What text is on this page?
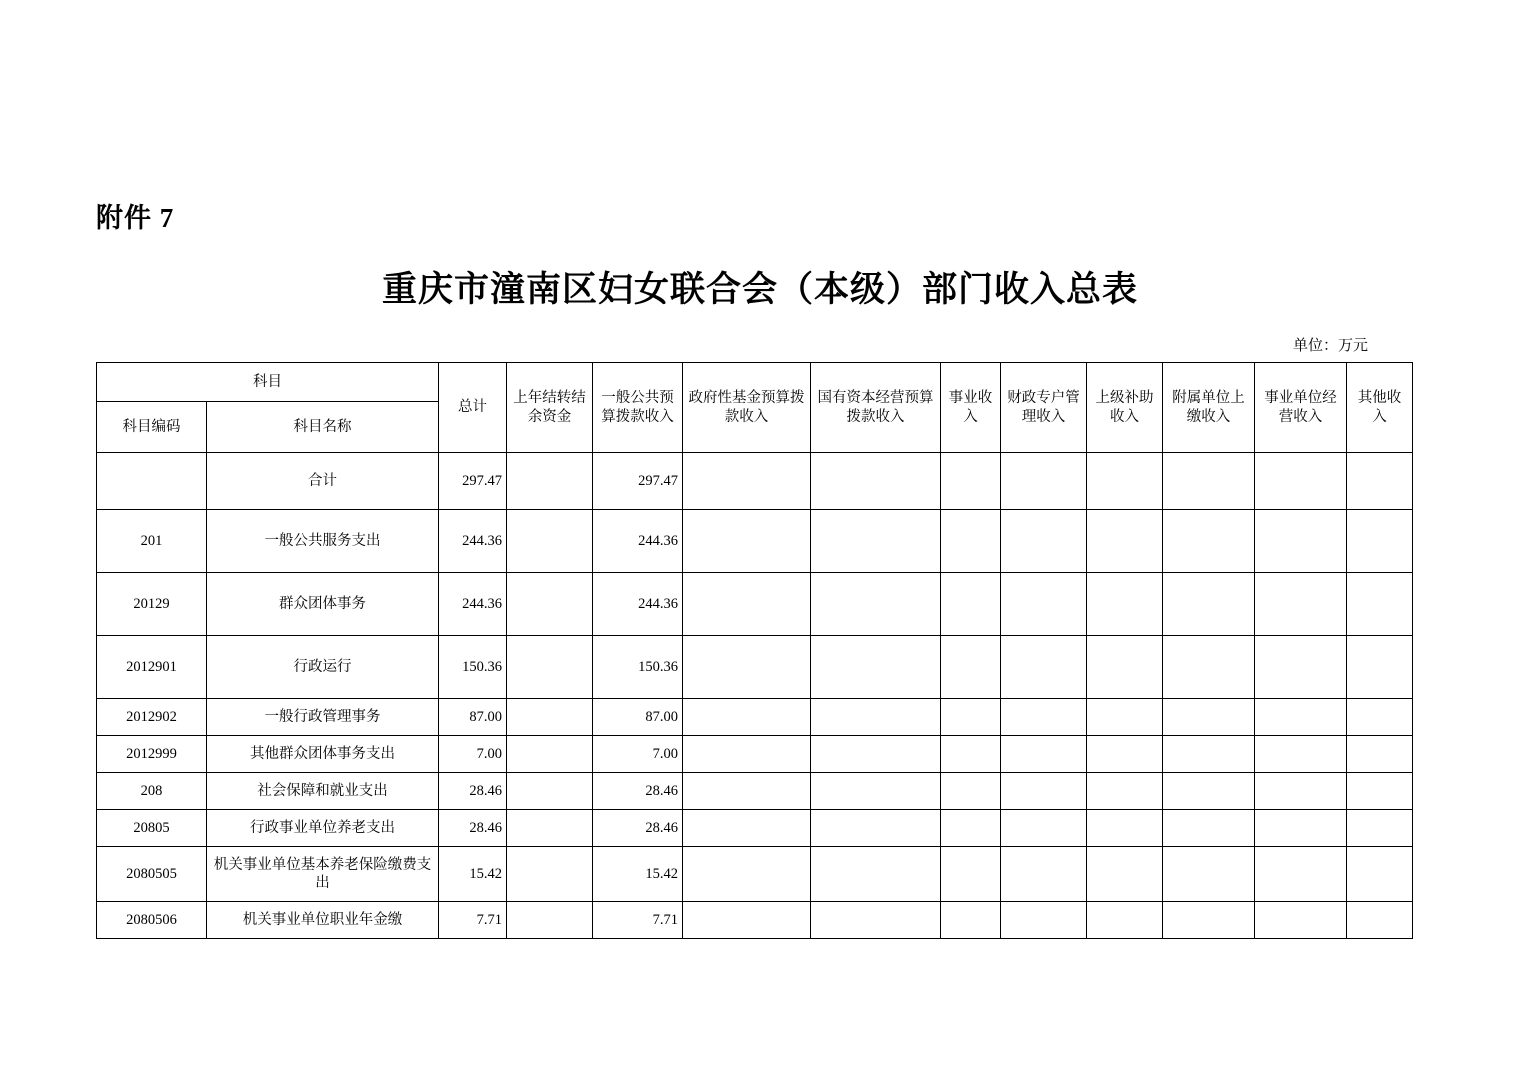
附件 7
重庆市潼南区妇女联合会（本级）部门收入总表
单位：万元
科目		总计	上年结转结余资金	一般公共预算拨款收入	政府性基金预算拨款收入	国有资本经营预算拨款收入	事业收入	财政专户管理收入	上级补助收入	附属单位上缴收入	事业单位经营收入	其他收入
科目编码	科目名称											
	合计	297.47		297.47								
201	一般公共服务支出	244.36		244.36								
20129	群众团体事务	244.36		244.36								
2012901	行政运行	150.36		150.36								
2012902	一般行政管理事务	87.00		87.00								
2012999	其他群众团体事务支出	7.00		7.00								
208	社会保障和就业支出	28.46		28.46								
20805	行政事业单位养老支出	28.46		28.46								
2080505	机关事业单位基本养老保险缴费支出	15.42		15.42								
2080506	机关事业单位职业年金缴	7.71		7.71								
